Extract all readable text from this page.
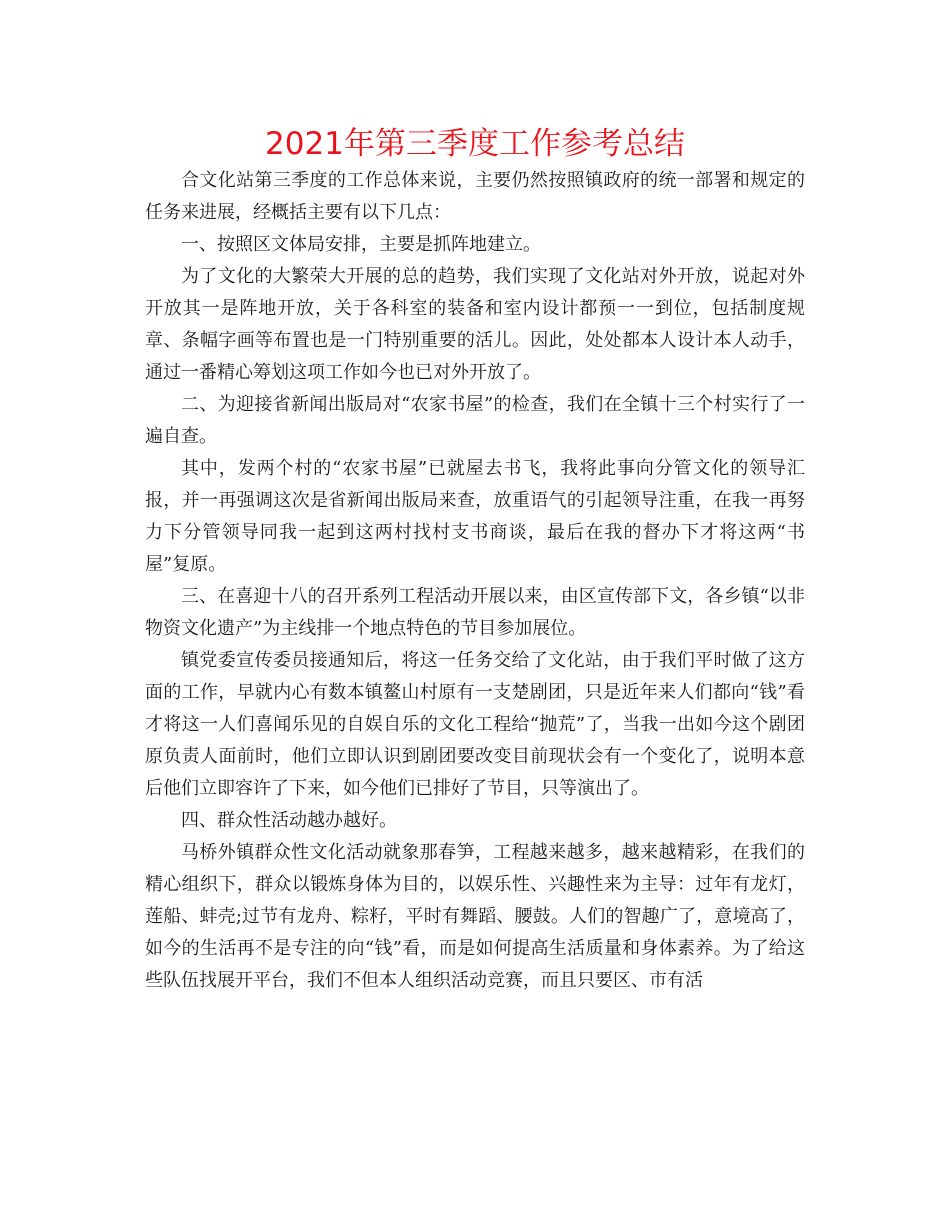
2021年第三季度工作参考总结

合文化站第三季度的工作总体来说，主要仍然按照镇政府的统一部署和规定的任务来进展，经概括主要有以下几点：

一、按照区文体局安排，主要是抓阵地建立。

为了文化的大繁荣大开展的总的趋势，我们实现了文化站对外开放，说起对外开放其一是阵地开放，关于各科室的装备和室内设计都预一一到位，包括制度规章、条幅字画等布置也是一门特别重要的活儿。因此，处处都本人设计本人动手，通过一番精心筹划这项工作如今也已对外开放了。

二、为迎接省新闻出版局对“农家书屋”的检查，我们在全镇十三个村实行了一遍自查。

其中，发两个村的“农家书屋”已就屋去书飞，我将此事向分管文化的领导汇报，并一再强调这次是省新闻出版局来查，放重语气的引起领导注重，在我一再努力下分管领导同我一起到这两村找村支书商谈，最后在我的督办下才将这两“书屋”复原。

三、在喜迎十八的召开系列工程活动开展以来，由区宣传部下文，各乡镇“以非物资文化遗产”为主线排一个地点特色的节目参加展位。

镇党委宣传委员接通知后，将这一任务交给了文化站，由于我们平时做了这方面的工作，早就内心有数本镇鳌山村原有一支楚剧团，只是近年来人们都向“钱”看才将这一人们喜闻乐见的自娱自乐的文化工程给“抛荒”了，当我一出如今这个剧团原负责人面前时，他们立即认识到剧团要改变目前现状会有一个变化了，说明本意后他们立即容许了下来，如今他们已排好了节目，只等演出了。

四、群众性活动越办越好。

马桥外镇群众性文化活动就象那春笋，工程越来越多，越来越精彩，在我们的精心组织下，群众以锻炼身体为目的，以娱乐性、兴趣性来为主导：过年有龙灯，莲船、蚌壳;过节有龙舟、粽籽，平时有舞蹈、腰鼓。人们的智趣广了，意境高了，如今的生活再不是专注的向“钱”看，而是如何提高生活质量和身体素养。为了给这些队伍找展开平台，我们不但本人组织活动竞赛，而且只要区、市有活
